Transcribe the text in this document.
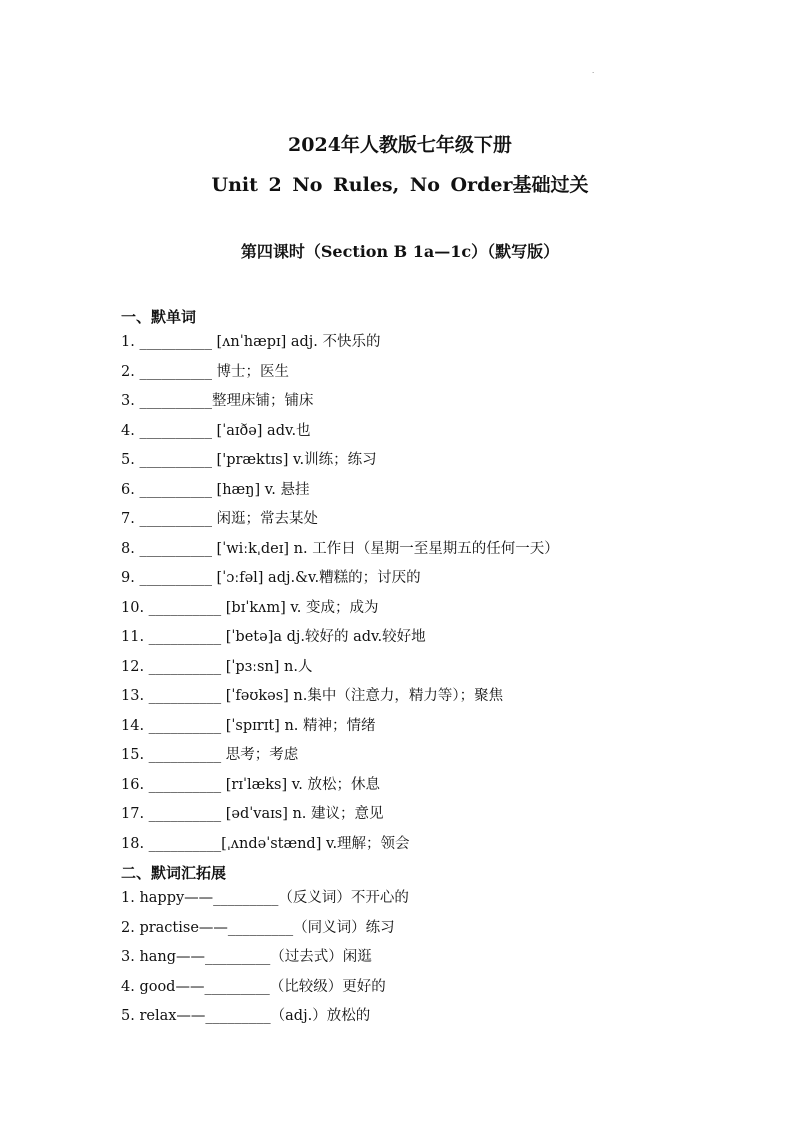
.
2024年人教版七年级下册
Unit 2 No Rules, No Order基础过关
第四课时（Section B 1a—1c）（默写版）
一、默单词
1. __________ [ʌnˈhæpɪ] adj. 不快乐的
2. __________ 博士；医生
3. __________整理床铺；铺床
4. __________ [ˈaɪðə] adv.也
5. __________ ['præktɪs] v.训练；练习
6. __________ [hæŋ] v. 悬挂
7. __________ 闲逛；常去某处
8. __________ [ˈwiːkˌdeɪ] n. 工作日（星期一至星期五的任何一天）
9. __________ [ˈɔːfəl] adj.&v.糟糕的；讨厌的
10. __________ [bɪˈkʌm] v. 变成；成为
11. __________ [ˈbetə]a dj.较好的 adv.较好地
12. __________ [ˈpɜːsn] n.人
13. __________ [ˈfəʊkəs] n.集中（注意力，精力等）；聚焦
14. __________ [ˈspɪrɪt] n. 精神；情绪
15. __________ 思考；考虑
16. __________ [rɪˈlæks] v. 放松；休息
17. __________ [ədˈvaɪs] n. 建议；意见
18. __________[ˌʌndəˈstænd] v.理解；领会
二、默词汇拓展
1. happy——_________（反义词）不开心的
2. practise——_________（同义词）练习
3. hang——_________（过去式）闲逛
4. good——_________（比较级）更好的
5. relax——_________（adj.）放松的
